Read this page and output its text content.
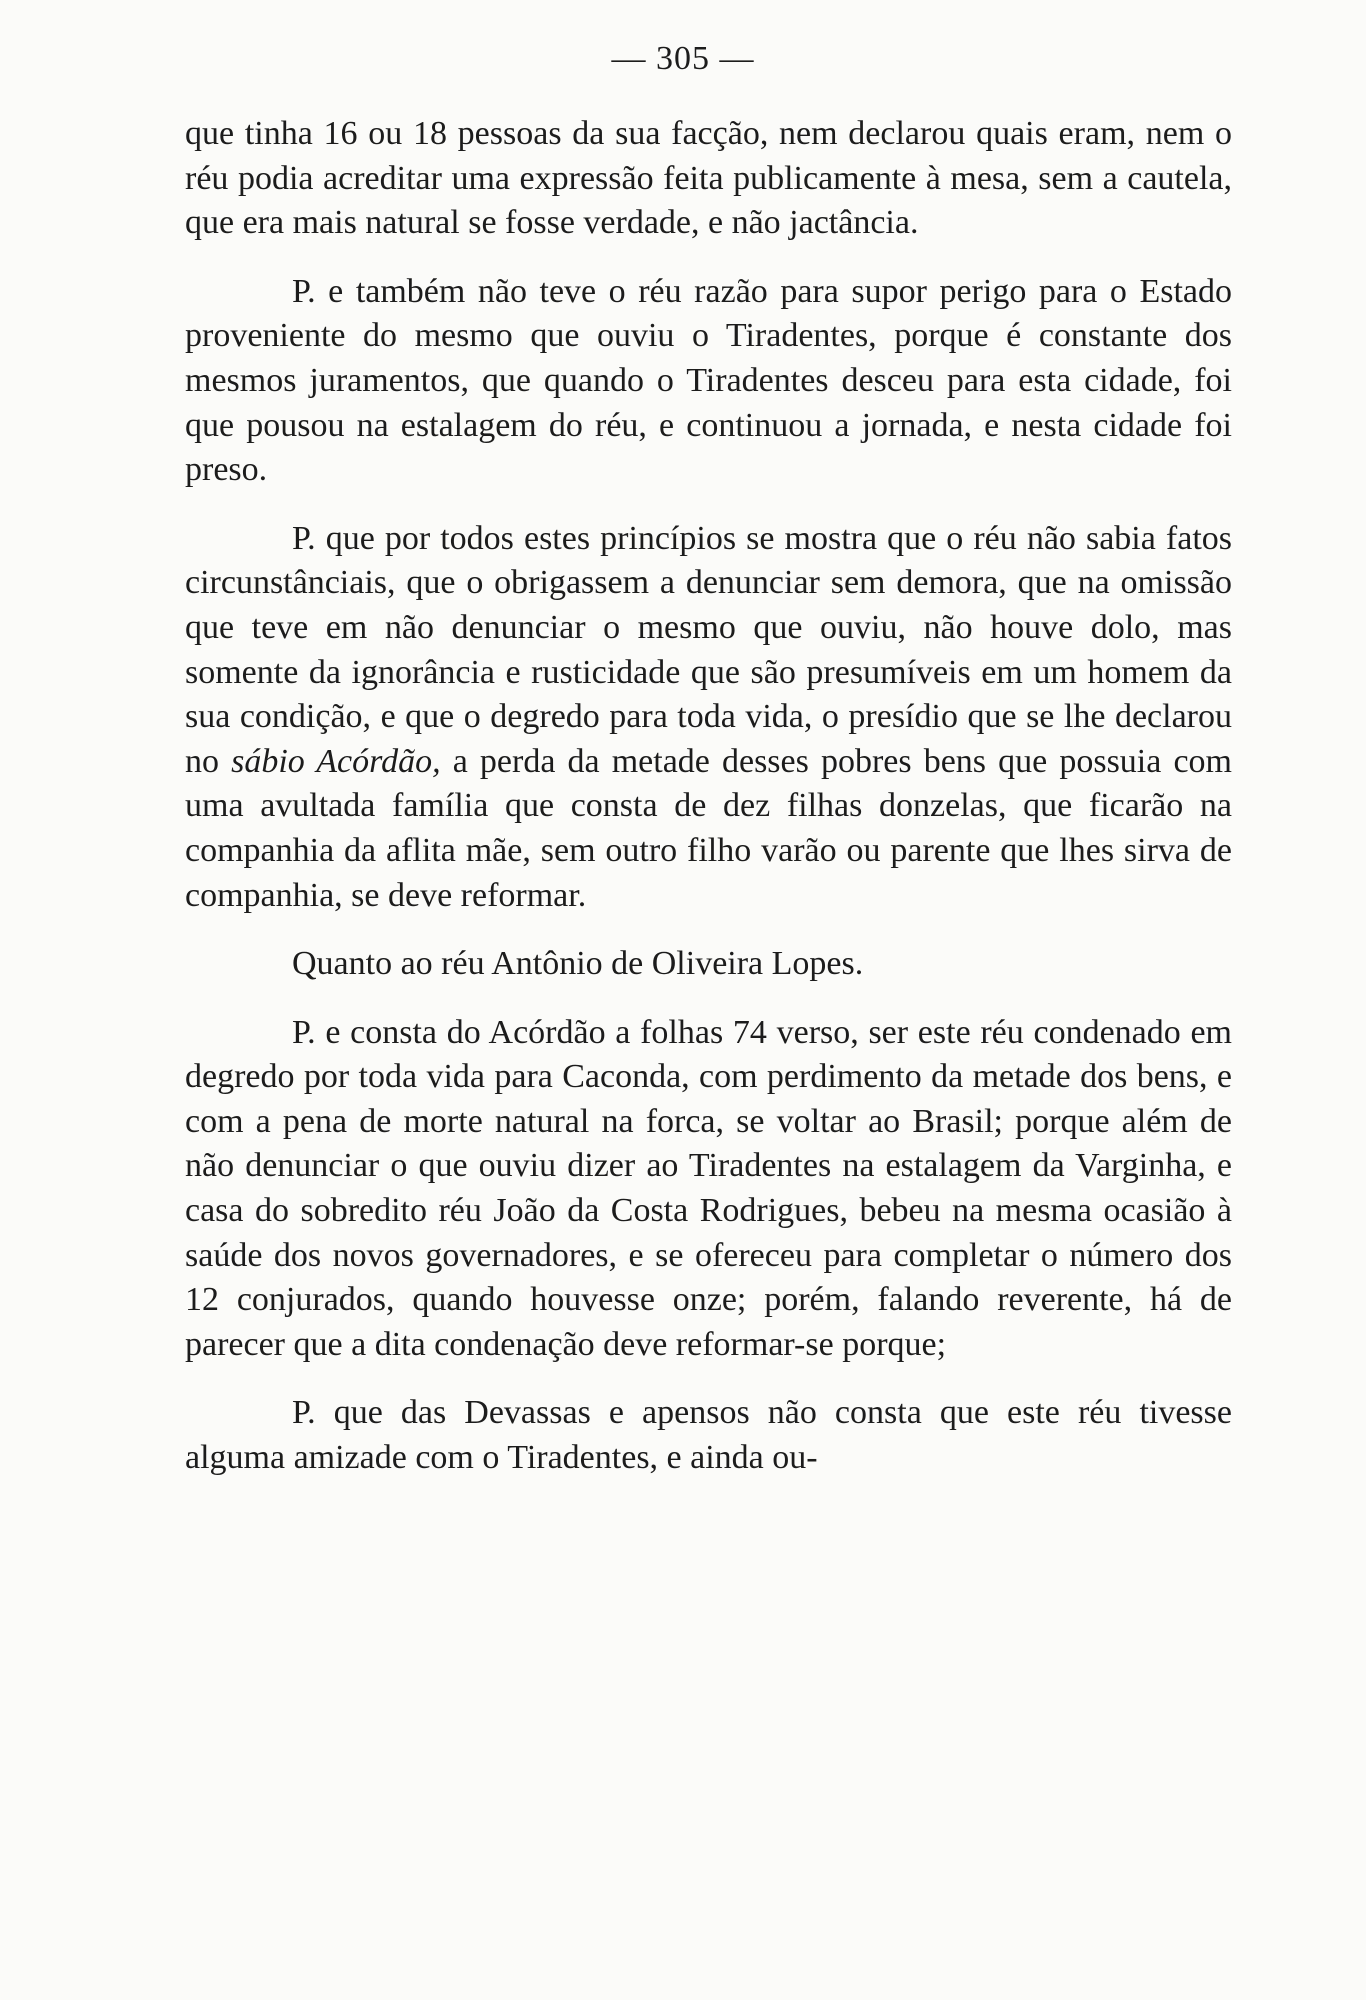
— 305 —

que tinha 16 ou 18 pessoas da sua facção, nem declarou quais eram, nem o réu podia acreditar uma expressão feita publicamente à mesa, sem a cautela, que era mais natural se fosse verdade, e não jactância.

P. e também não teve o réu razão para supor perigo para o Estado proveniente do mesmo que ouviu o Tiradentes, porque é constante dos mesmos juramentos, que quando o Tiradentes desceu para esta cidade, foi que pousou na estalagem do réu, e continuou a jornada, e nesta cidade foi preso.

P. que por todos estes princípios se mostra que o réu não sabia fatos circunstânciais, que o obrigassem a denunciar sem demora, que na omissão que teve em não denunciar o mesmo que ouviu, não houve dolo, mas somente da ignorância e rusticidade que são presumíveis em um homem da sua condição, e que o degredo para toda vida, o presídio que se lhe declarou no sábio Acórdão, a perda da metade desses pobres bens que possuia com uma avultada família que consta de dez filhas donzelas, que ficarão na companhia da aflita mãe, sem outro filho varão ou parente que lhes sirva de companhia, se deve reformar.

Quanto ao réu Antônio de Oliveira Lopes.

P. e consta do Acórdão a folhas 74 verso, ser este réu condenado em degredo por toda vida para Caconda, com perdimento da metade dos bens, e com a pena de morte natural na forca, se voltar ao Brasil; porque além de não denunciar o que ouviu dizer ao Tiradentes na estalagem da Varginha, e casa do sobredito réu João da Costa Rodrigues, bebeu na mesma ocasião à saúde dos novos governadores, e se ofereceu para completar o número dos 12 conjurados, quando houvesse onze; porém, falando reverente, há de parecer que a dita condenação deve reformar-se porque;

P. que das Devassas e apensos não consta que este réu tivesse alguma amizade com o Tiradentes, e ainda ou-
